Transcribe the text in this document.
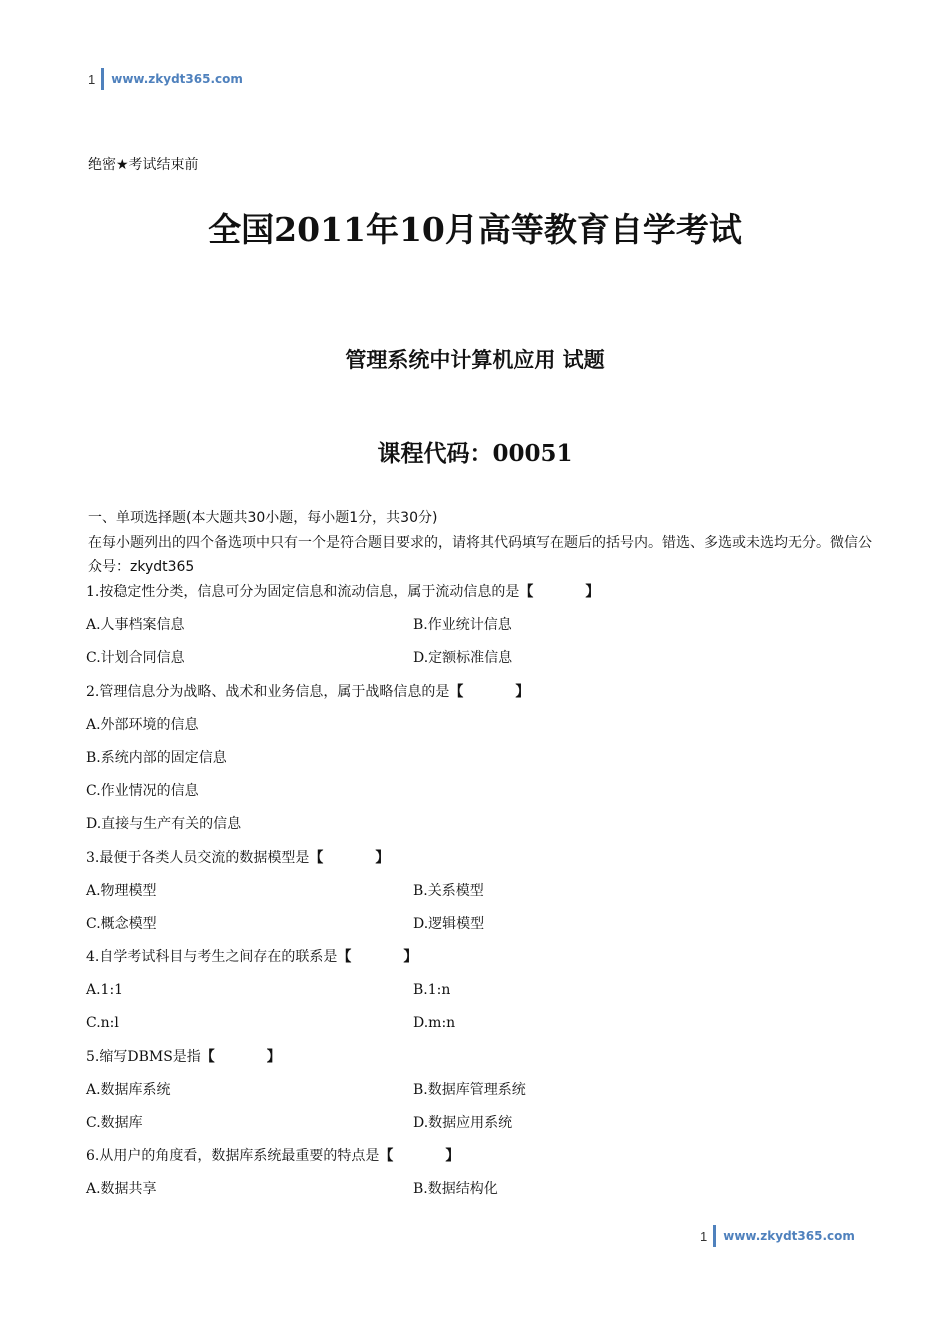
1 www.zkydt365.com
绝密★考试结束前
全国2011年10月高等教育自学考试
管理系统中计算机应用 试题
课程代码：00051
一、单项选择题(本大题共30小题，每小题1分，共30分)
在每小题列出的四个备选项中只有一个是符合题目要求的，请将其代码填写在题后的括号内。错选、多选或未选均无分。微信公众号：zkydt365
1.按稳定性分类，信息可分为固定信息和流动信息，属于流动信息的是 【	】
A.人事档案信息	B.作业统计信息
C.计划合同信息	D.定额标准信息
2.管理信息分为战略、战术和业务信息，属于战略信息的是 【	】
A.外部环境的信息
B.系统内部的固定信息
C.作业情况的信息
D.直接与生产有关的信息
3.最便于各类人员交流的数据模型是 【	】
A.物理模型	B.关系模型
C.概念模型	D.逻辑模型
4.自学考试科目与考生之间存在的联系是 【	】
A.1:1	B.1:n
C.n:l	D.m:n
5.缩写DBMS是指 【	】
A.数据库系统	B.数据库管理系统
C.数据库	D.数据应用系统
6.从用户的角度看，数据库系统最重要的特点是 【	】
A.数据共享	B.数据结构化
1 www.zkydt365.com
